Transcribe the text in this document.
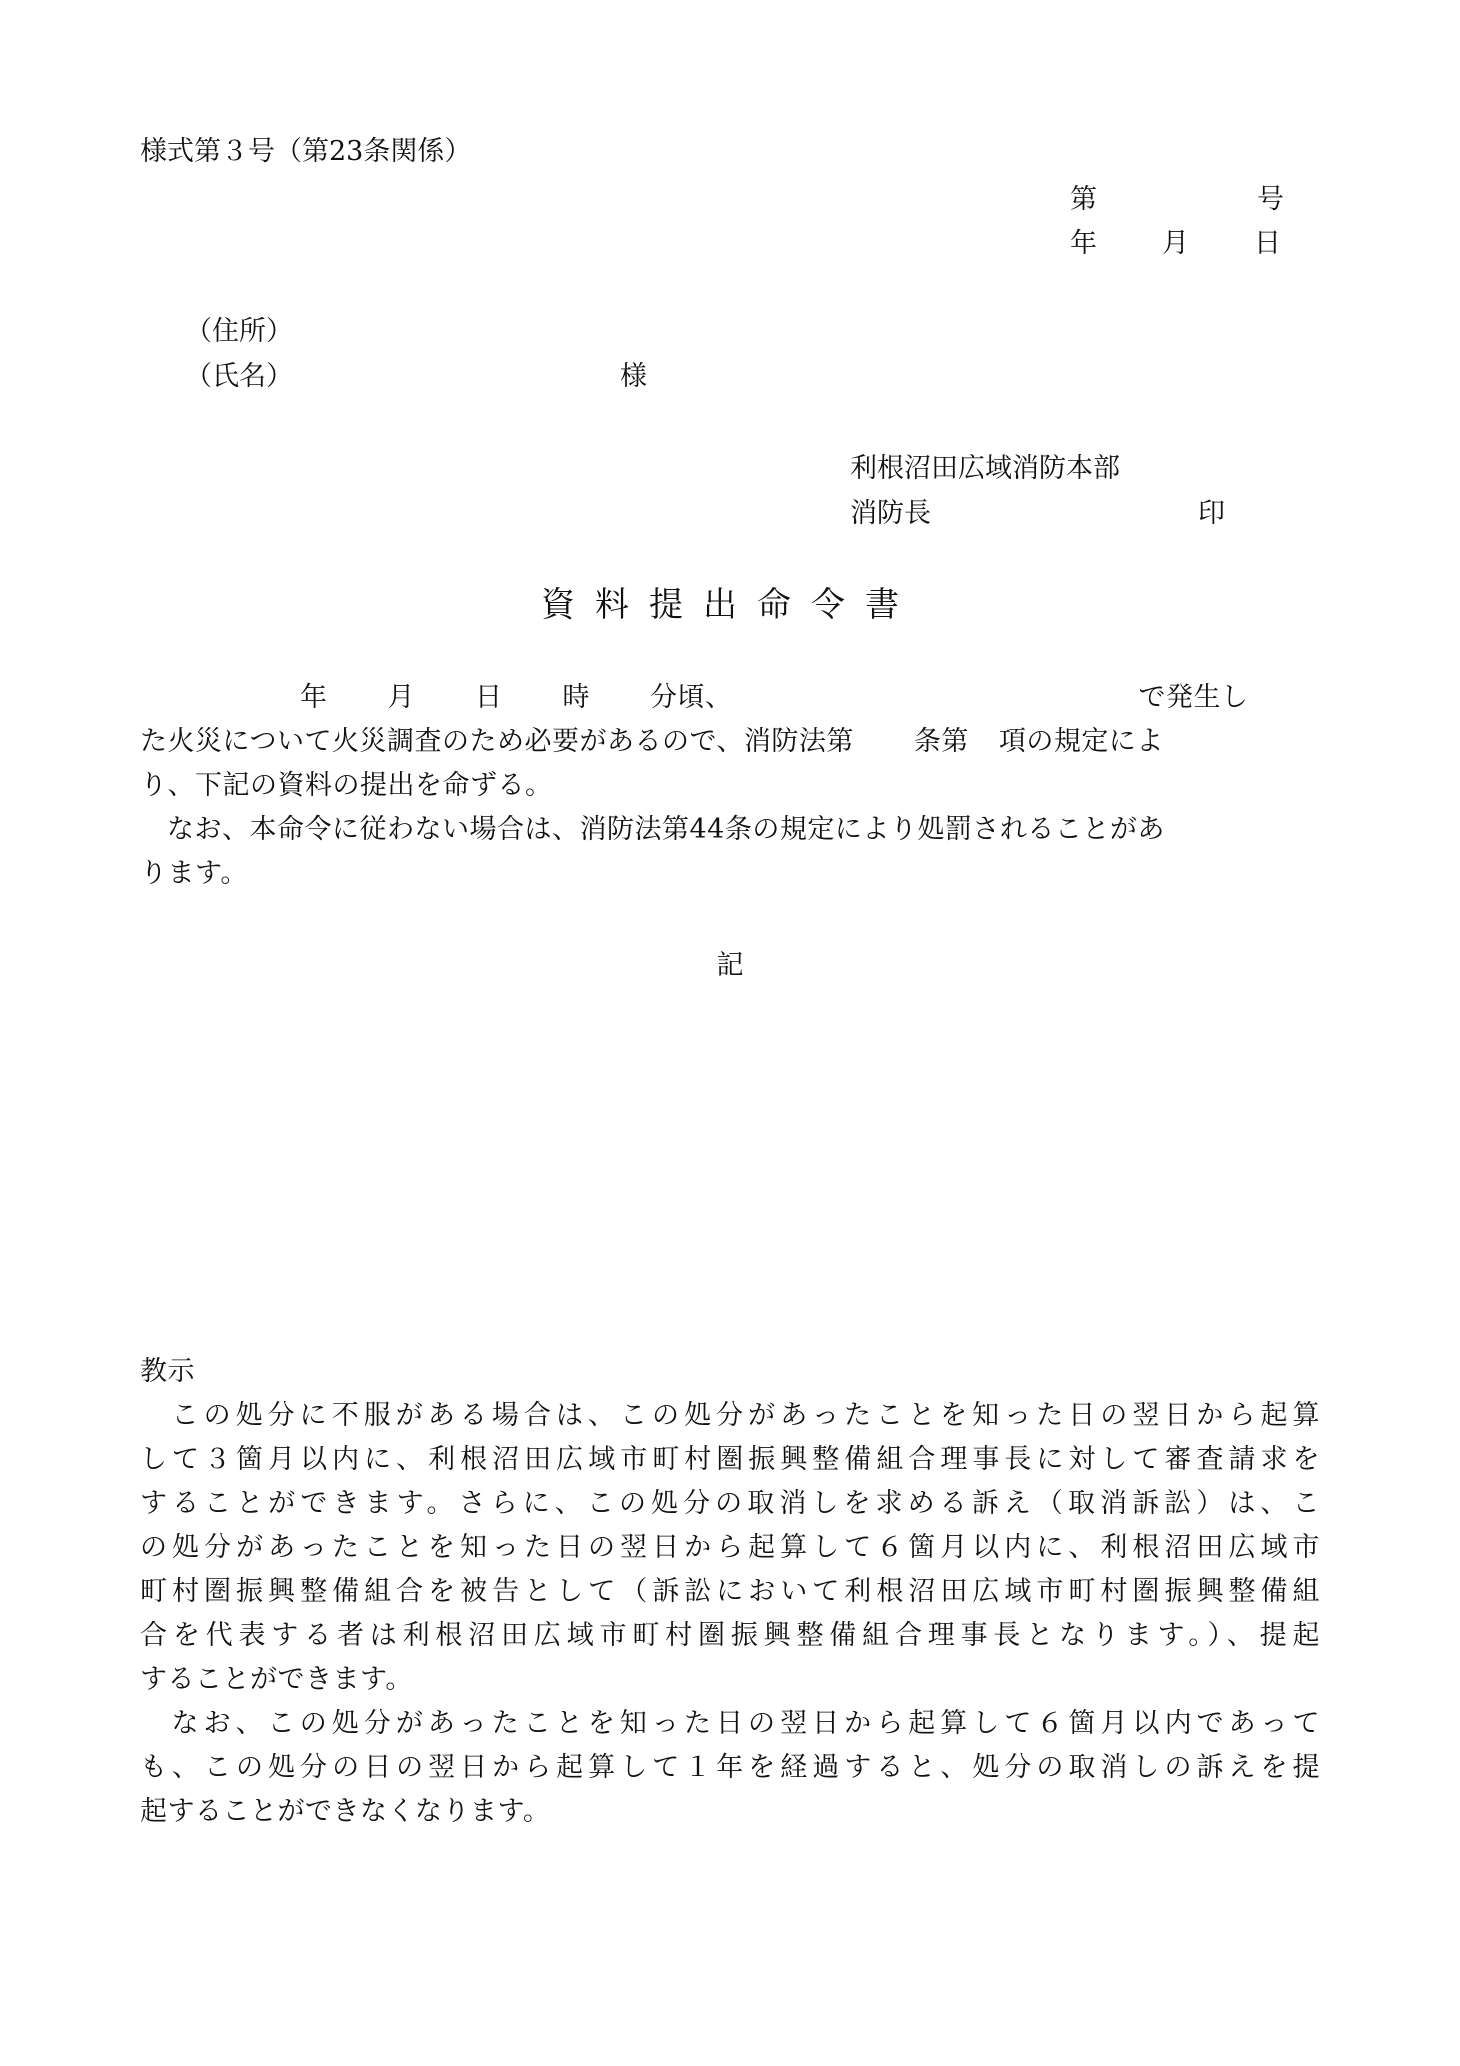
様式第３号（第23条関係）
第	号
年 月 日
（住所）
（氏名）	様
利根沼田広域消防本部
消防長	印
資料提出命令書
年 月 日 時 分頃、	で発生し
た火災について火災調査のため必要があるので、消防法第 条第 項の規定によ
り、下記の資料の提出を命ずる。
なお、本命令に従わない場合は、消防法第44条の規定により処罰されることがあ
ります。
記
教示
この処分に不服がある場合は、この処分があったことを知った日の翌日から起算
して３箇月以内に、利根沼田広域市町村圏振興整備組合理事長に対して審査請求を
することができます。さらに、この処分の取消しを求める訴え（取消訴訟）は、こ
の処分があったことを知った日の翌日から起算して６箇月以内に、利根沼田広域市
町村圏振興整備組合を被告として（訴訟において利根沼田広域市町村圏振興整備組
合を代表する者は利根沼田広域市町村圏振興整備組合理事長となります。）、提起
することができます。
なお、この処分があったことを知った日の翌日から起算して６箇月以内であって
も、この処分の日の翌日から起算して１年を経過すると、処分の取消しの訴えを提
起することができなくなります。
